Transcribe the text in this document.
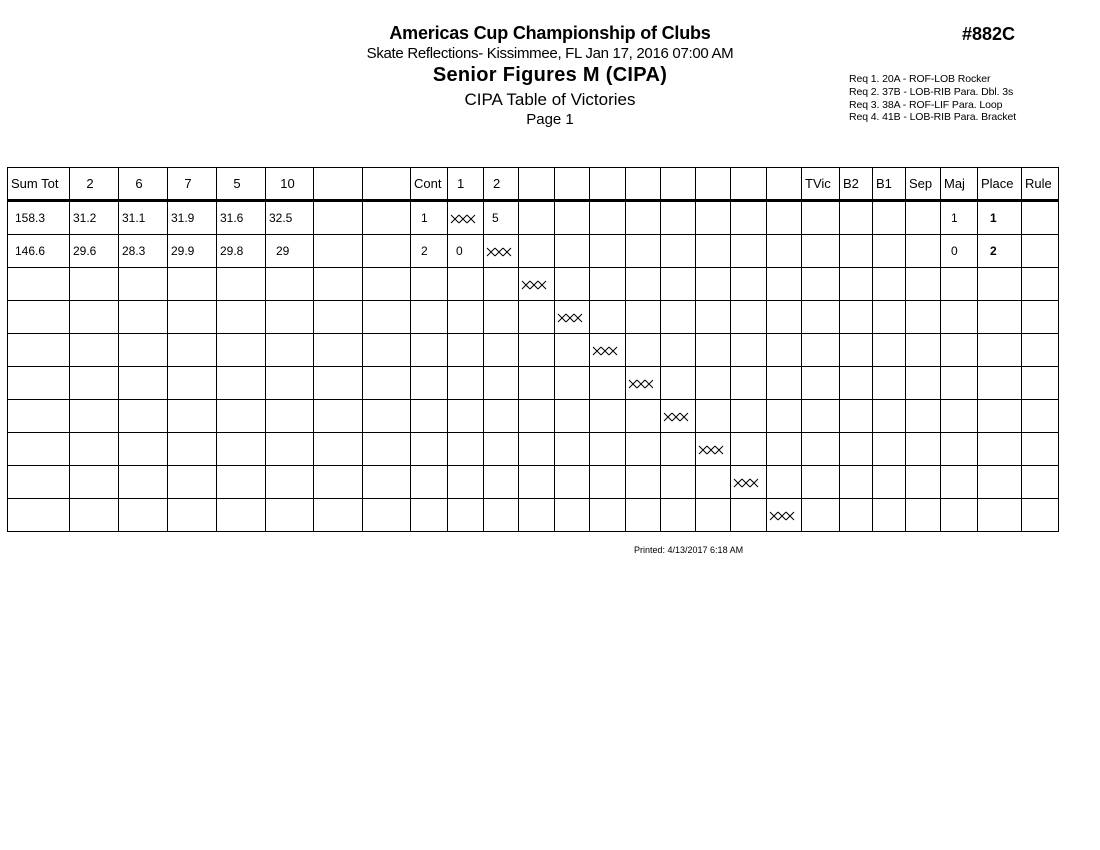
Americas Cup Championship of Clubs
Skate Reflections- Kissimmee, FL Jan 17, 2016 07:00 AM
Senior Figures M (CIPA)
CIPA Table of Victories
Page 1
#882C
Req 1. 20A - ROF-LOB Rocker
Req 2. 37B - LOB-RIB Para. Dbl. 3s
Req 3. 38A - ROF-LIF Para. Loop
Req 4. 41B - LOB-RIB Para. Bracket
Sum Tot	2	6	7	5	10			Cont	1	2									TVic	B2	B1	Sep	Maj	Place	Rule

158.3	31.2	31.1	31.9	31.6	32.5			1		5													1	1	

146.6	29.6	28.3	29.9	29.8	29			2	0														0	2	

Printed: 4/13/2017 6:18 AM
